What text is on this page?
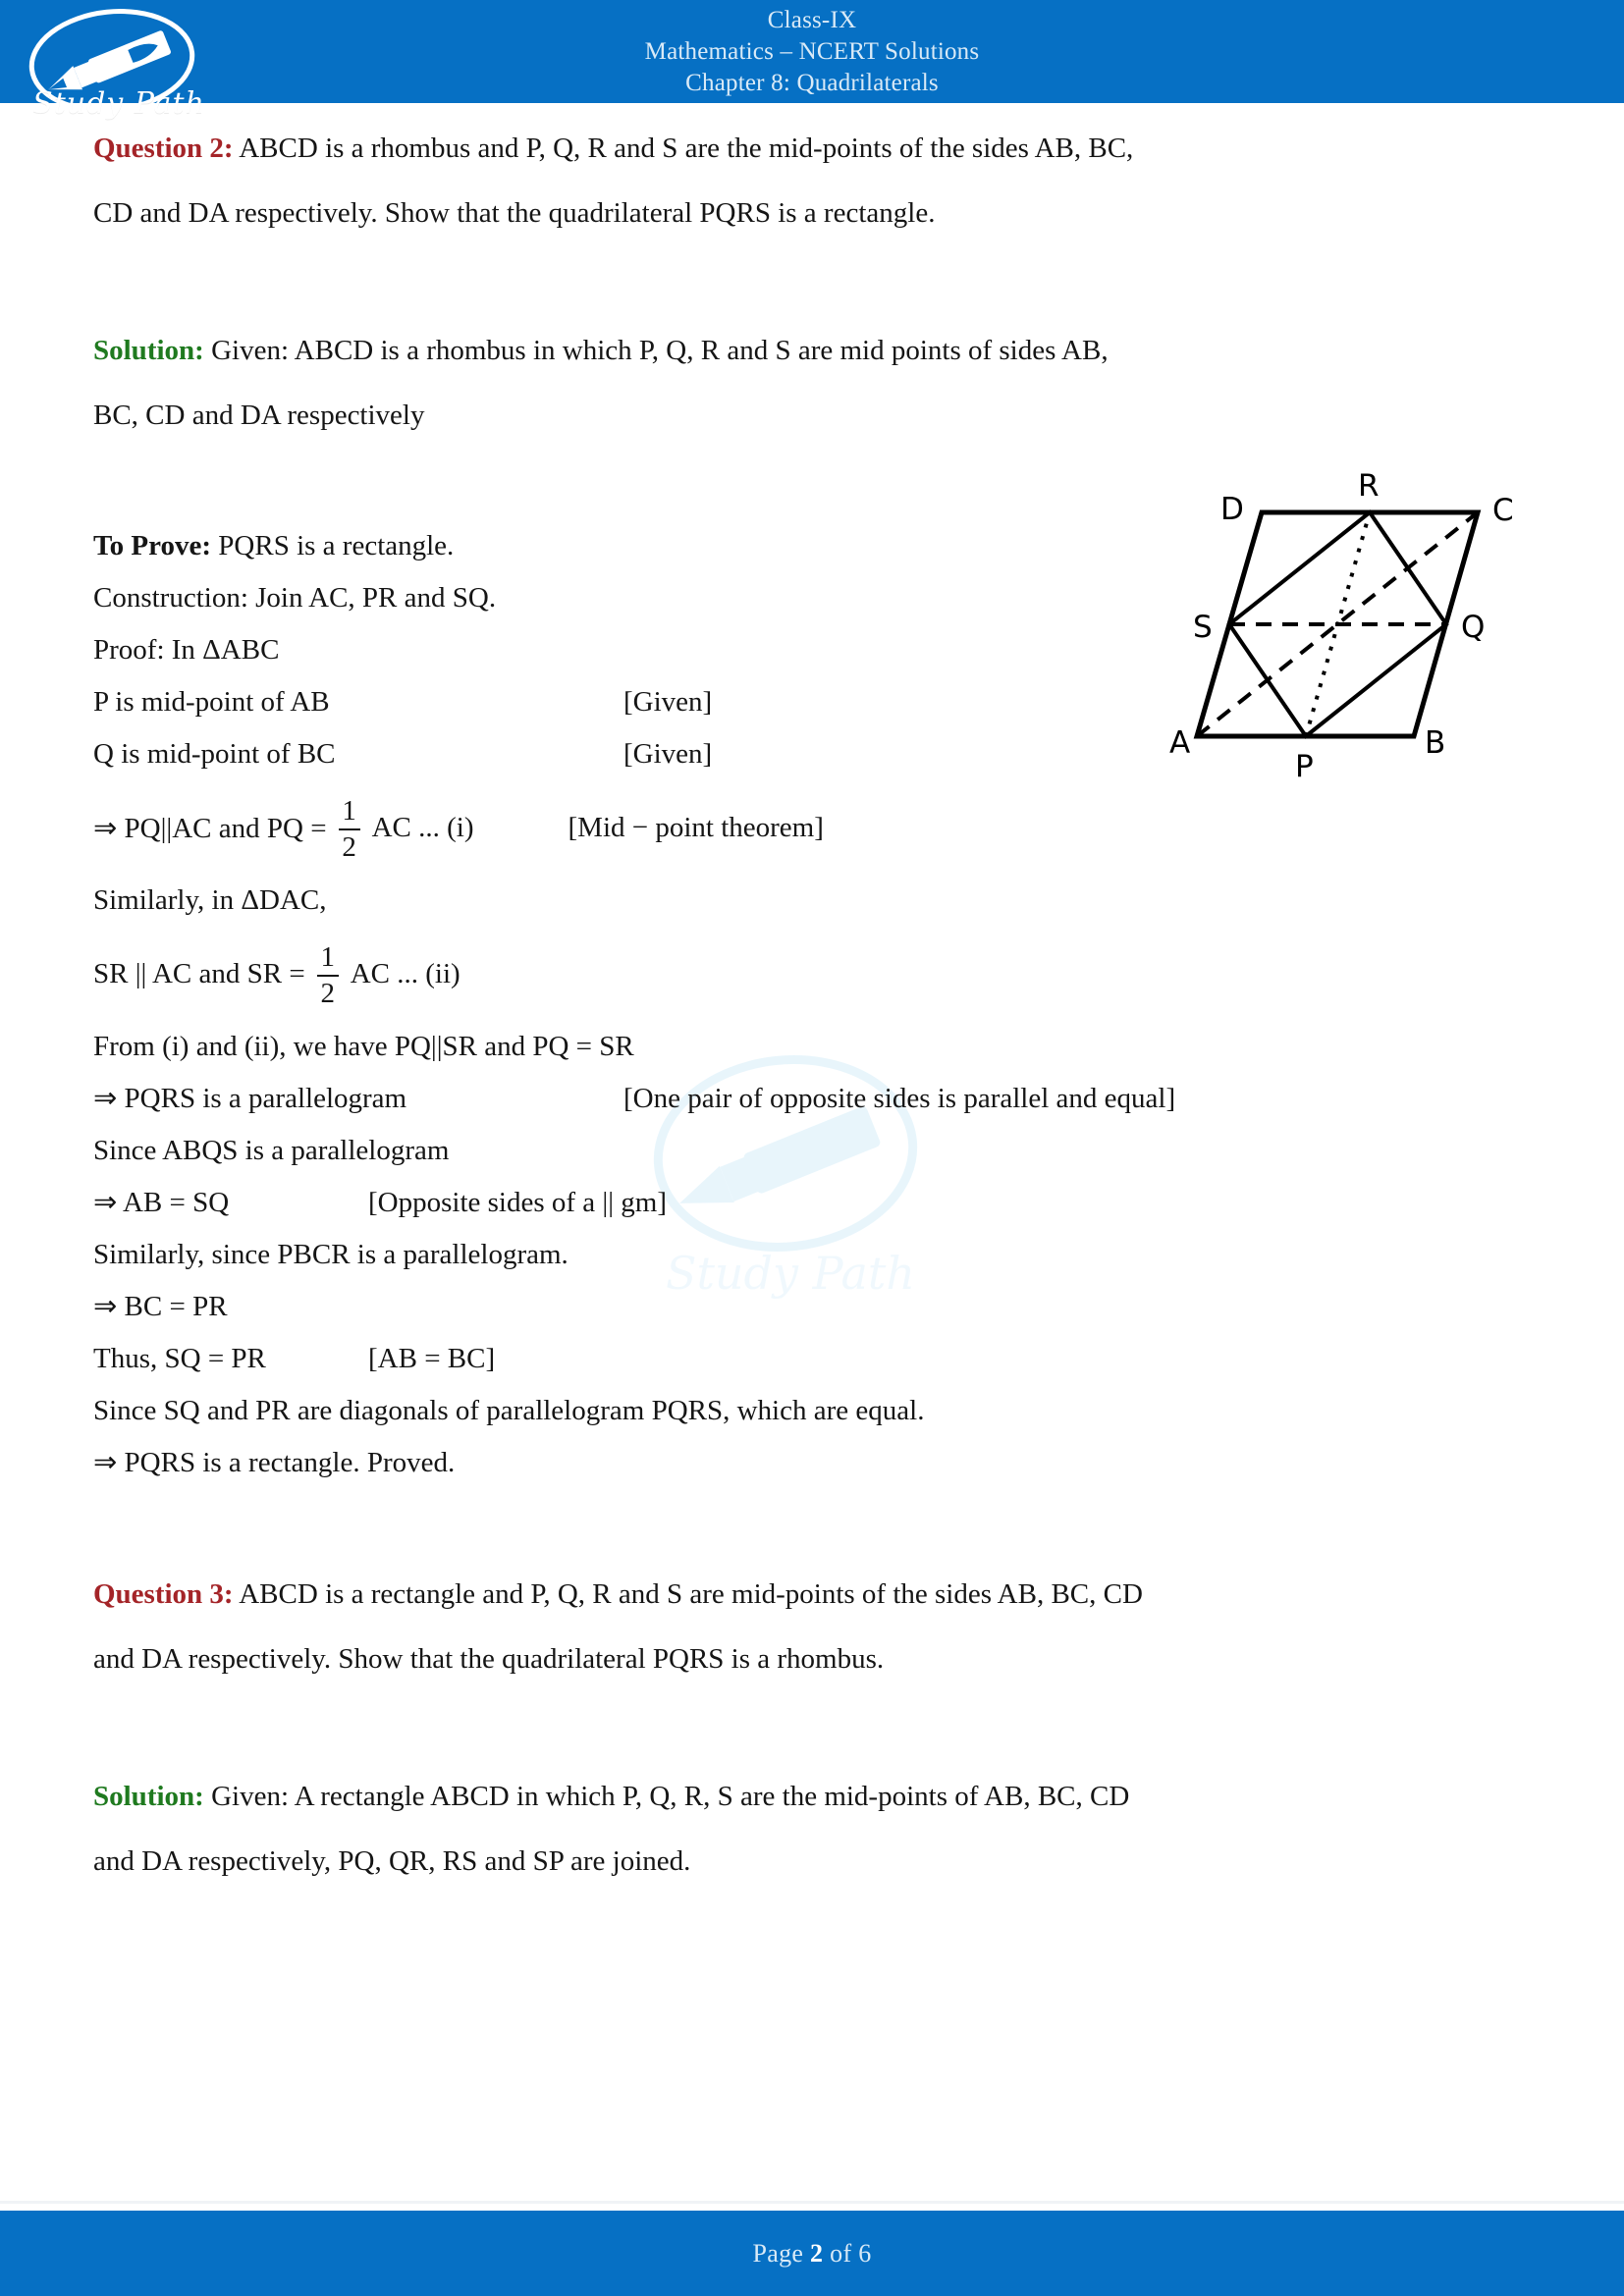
Class-IX
Mathematics – NCERT Solutions
Chapter 8: Quadrilaterals
Study Path
Study Path
A	B
C
D
P
Q
R
S

Question 2: ABCD is a rhombus and P, Q, R and S are the mid-points of the sides AB, BC,

CD and DA respectively. Show that the quadrilateral PQRS is a rectangle.

Solution: Given: ABCD is a rhombus in which P, Q, R and S are mid points of sides AB,

BC, CD and DA respectively

To Prove: PQRS is a rectangle.

Construction: Join AC, PR and SQ.

Proof: In ΔABC

P is mid-point of AB	[Given]
Q is mid-point of BC	[Given]
⇒ PQ||AC and PQ = $\frac{1}{2}$ AC ... (i)	[Mid − point theorem]

Similarly, in ΔDAC,

SR || AC and SR = $\frac{1}{2}$ AC ... (ii)

From (i) and (ii), we have PQ||SR and PQ = SR

⇒ PQRS is a parallelogram	[One pair of opposite sides is parallel and equal]

Since ABQS is a parallelogram

⇒ AB = SQ	[Opposite sides of a || gm]

Similarly, since PBCR is a parallelogram.

⇒ BC = PR

Thus, SQ = PR	[AB = BC]

Since SQ and PR are diagonals of parallelogram PQRS, which are equal.

⇒ PQRS is a rectangle. Proved.

Question 3: ABCD is a rectangle and P, Q, R and S are mid-points of the sides AB, BC, CD

and DA respectively. Show that the quadrilateral PQRS is a rhombus.

Solution: Given: A rectangle ABCD in which P, Q, R, S are the mid-points of AB, BC, CD

and DA respectively, PQ, QR, RS and SP are joined.

Page 2 of 6
